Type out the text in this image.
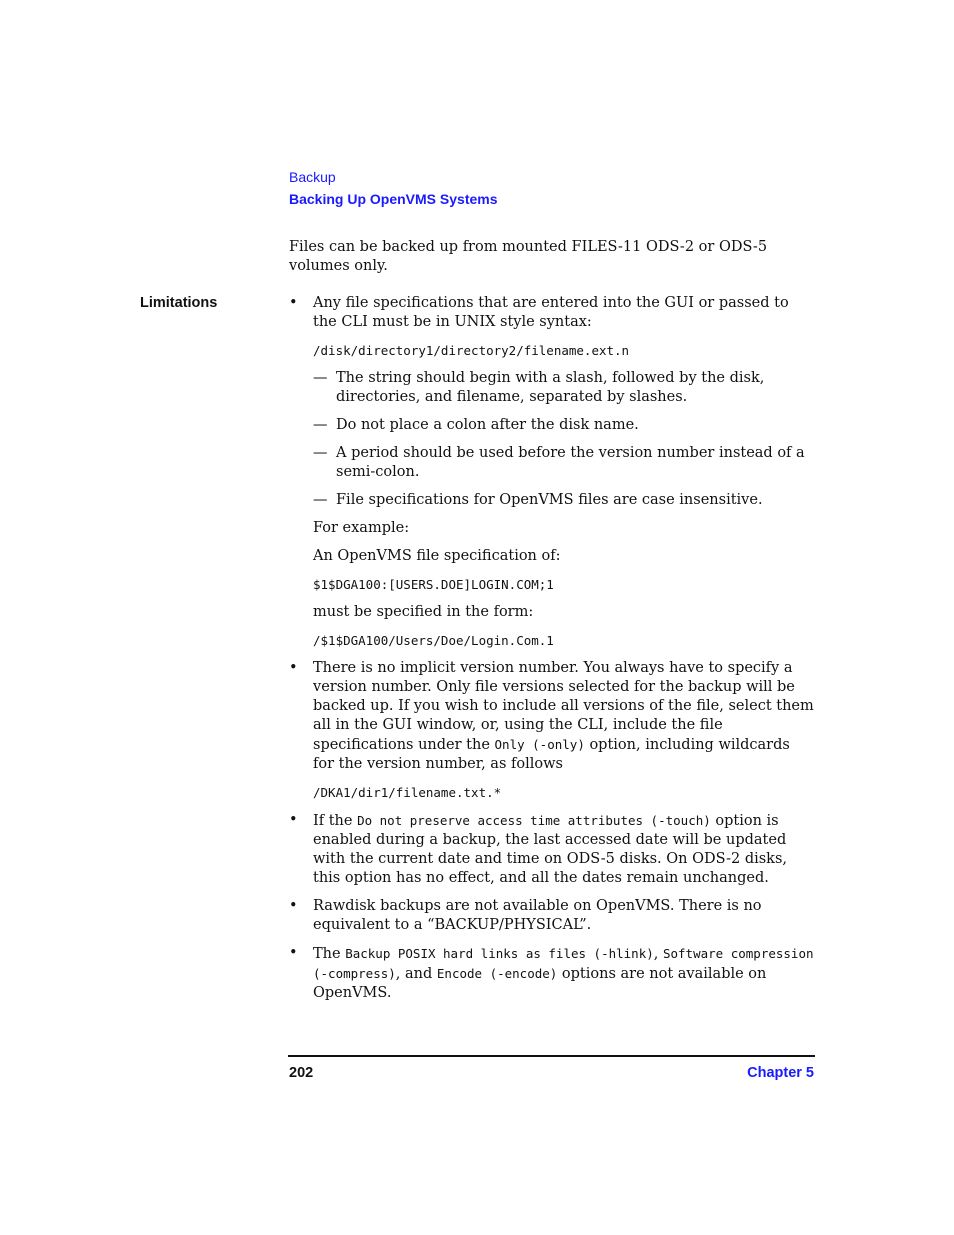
Backup
Backing Up OpenVMS Systems
Limitations

Files can be backed up from mounted FILES-11 ODS-2 or ODS-5 volumes only.

• Any file specifications that are entered into the GUI or passed to the CLI must be in UNIX style syntax:
/disk/directory1/directory2/filename.ext.n
— The string should begin with a slash, followed by the disk, directories, and filename, separated by slashes.
— Do not place a colon after the disk name.
— A period should be used before the version number instead of a semi-colon.
— File specifications for OpenVMS files are case insensitive.
For example:
An OpenVMS file specification of:
$1$DGA100:[USERS.DOE]LOGIN.COM;1
must be specified in the form:
/$1$DGA100/Users/Doe/Login.Com.1
• There is no implicit version number. You always have to specify a version number. Only file versions selected for the backup will be backed up. If you wish to include all versions of the file, select them all in the GUI window, or, using the CLI, include the file specifications under the Only (-only) option, including wildcards for the version number, as follows
/DKA1/dir1/filename.txt.*
• If the Do not preserve access time attributes (-touch) option is enabled during a backup, the last accessed date will be updated with the current date and time on ODS-5 disks. On ODS-2 disks, this option has no effect, and all the dates remain unchanged.
• Rawdisk backups are not available on OpenVMS. There is no equivalent to a “BACKUP/PHYSICAL”.
• The Backup POSIX hard links as files (-hlink), Software compression (-compress), and Encode (-encode) options are not available on OpenVMS.
202	Chapter 5
